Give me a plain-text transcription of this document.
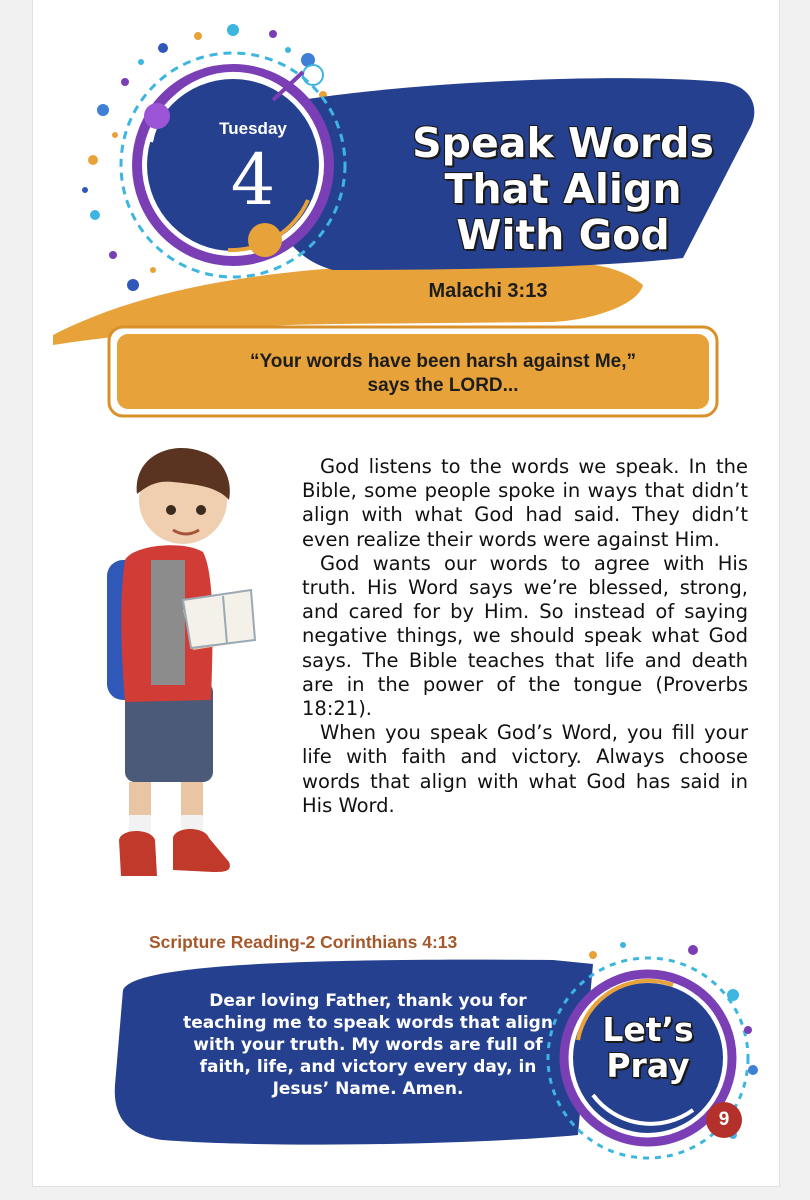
Tuesday
4	Speak Words
That Align
With God
Malachi 3:13
“Your words have been harsh against Me,”
says the LORD...

God listens to the words we speak. In the Bible, some people spoke in ways that didn’t align with what God had said. They didn’t even realize their words were against Him.

God wants our words to agree with His truth. His Word says we’re blessed, strong, and cared for by Him. So instead of saying negative things, we should speak what God says. The Bible teaches that life and death are in the power of the tongue (Proverbs 18:21).

When you speak God’s Word, you fill your life with faith and victory. Always choose words that align with what God has said in His Word.

Scripture Reading-2 Corinthians 4:13
Dear loving Father, thank you for teaching me to speak words that align with your truth. My words are full of faith, life, and victory every day, in Jesus’ Name. Amen.
Let’s
Pray
9
